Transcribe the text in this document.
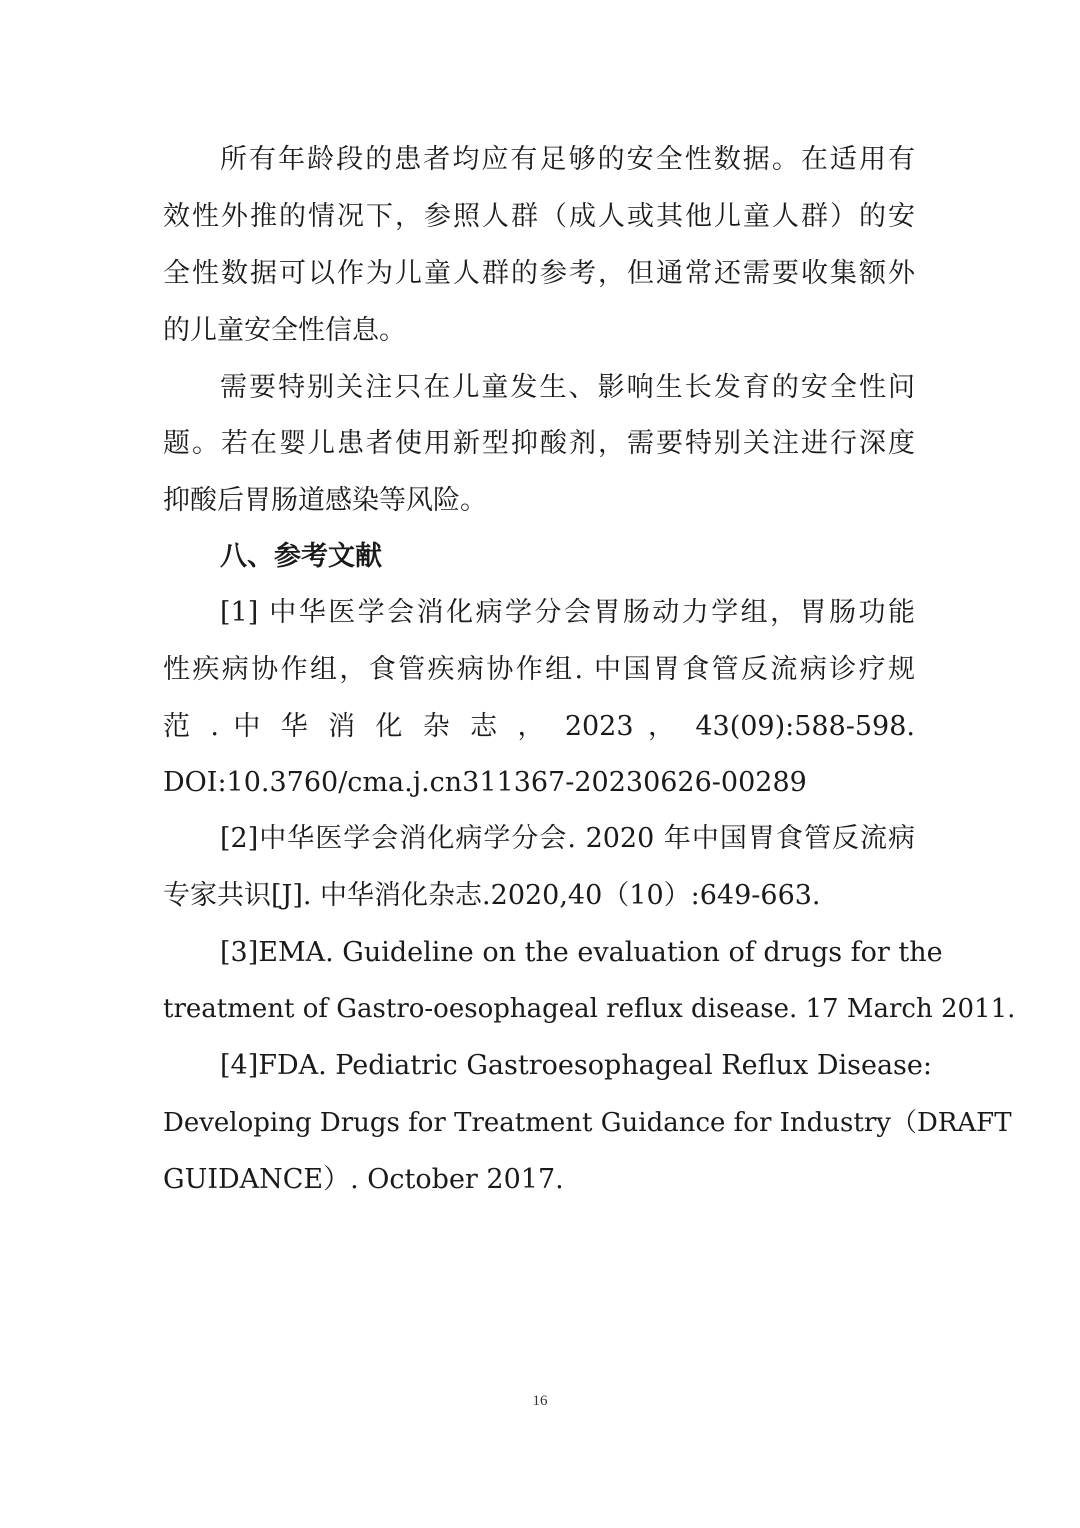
所有年龄段的患者均应有足够的安全性数据。在适用有
效性外推的情况下，参照人群（成人或其他儿童人群）的安
全性数据可以作为儿童人群的参考，但通常还需要收集额外
的儿童安全性信息。
需要特别关注只在儿童发生、影响生长发育的安全性问
题。若在婴儿患者使用新型抑酸剂，需要特别关注进行深度
抑酸后胃肠道感染等风险。
八、参考文献
[1] 中华医学会消化病学分会胃肠动力学组，胃肠功能
性疾病协作组，食管疾病协作组. 中国胃食管反流病诊疗规
范 . 中 华 消 化 杂 志 ， 2023 ， 43(09):588-598.
DOI:10.3760/cma.j.cn311367-20230626-00289
[2]中华医学会消化病学分会. 2020 年中国胃食管反流病
专家共识[J]. 中华消化杂志.2020,40（10）:649-663.
[3]EMA. Guideline on the evaluation of drugs for the
treatment of Gastro-oesophageal reflux disease. 17 March 2011.
[4]FDA. Pediatric Gastroesophageal Reflux Disease:
Developing Drugs for Treatment Guidance for Industry（DRAFT
GUIDANCE）. October 2017.
16
